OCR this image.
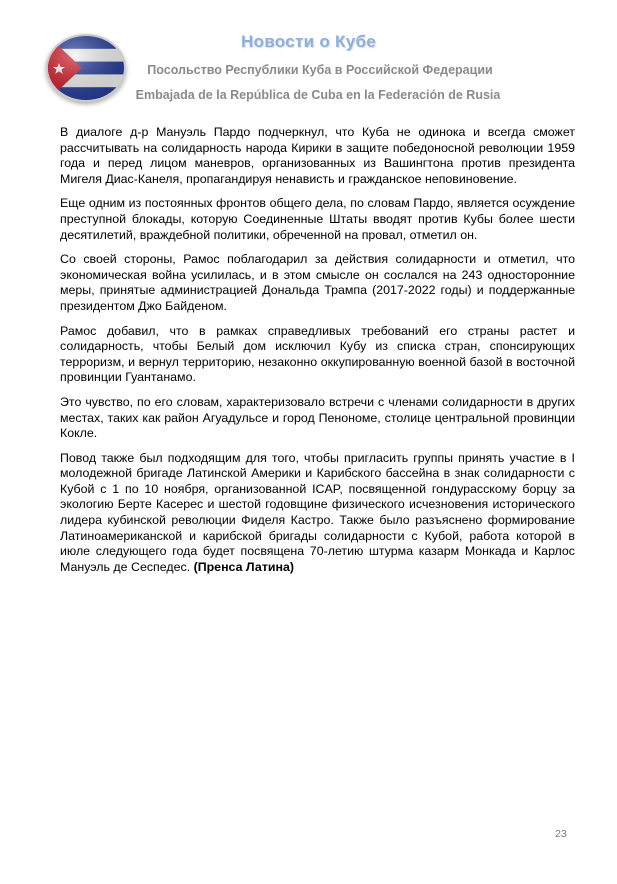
Новости о Кубе
Посольство Республики Куба в Российской Федерации
Embajada de la República de Cuba en la Federación de Rusia

В диалоге д-р Мануэль Пардо подчеркнул, что Куба не одинока и всегда сможет рассчитывать на солидарность народа Кирики в защите победоносной революции 1959 года и перед лицом маневров, организованных из Вашингтона против президента Мигеля Диас-Канеля, пропагандируя ненависть и гражданское неповиновение.

Еще одним из постоянных фронтов общего дела, по словам Пардо, является осуждение преступной блокады, которую Соединенные Штаты вводят против Кубы более шести десятилетий, враждебной политики, обреченной на провал, отметил он.

Со своей стороны, Рамос поблагодарил за действия солидарности и отметил, что экономическая война усилилась, и в этом смысле он сослался на 243 односторонние меры, принятые администрацией Дональда Трампа (2017-2022 годы) и поддержанные президентом Джо Байденом.

Рамос добавил, что в рамках справедливых требований его страны растет и солидарность, чтобы Белый дом исключил Кубу из списка стран, спонсирующих терроризм, и вернул территорию, незаконно оккупированную военной базой в восточной провинции Гуантанамо.

Это чувство, по его словам, характеризовало встречи с членами солидарности в других местах, таких как район Агуадульсе и город Пенономе, столице центральной провинции Кокле.

Повод также был подходящим для того, чтобы пригласить группы принять участие в I молодежной бригаде Латинской Америки и Карибского бассейна в знак солидарности с Кубой с 1 по 10 ноября, организованной ICAP, посвященной гондурасскому борцу за экологию Берте Касерес и шестой годовщине физического исчезновения исторического лидера кубинской революции Фиделя Кастро. Также было разъяснено формирование Латиноамериканской и карибской бригады солидарности с Кубой, работа которой в июле следующего года будет посвящена 70-летию штурма казарм Монкада и Карлос Мануэль де Сеспедес. (Пренса Латина)

23
